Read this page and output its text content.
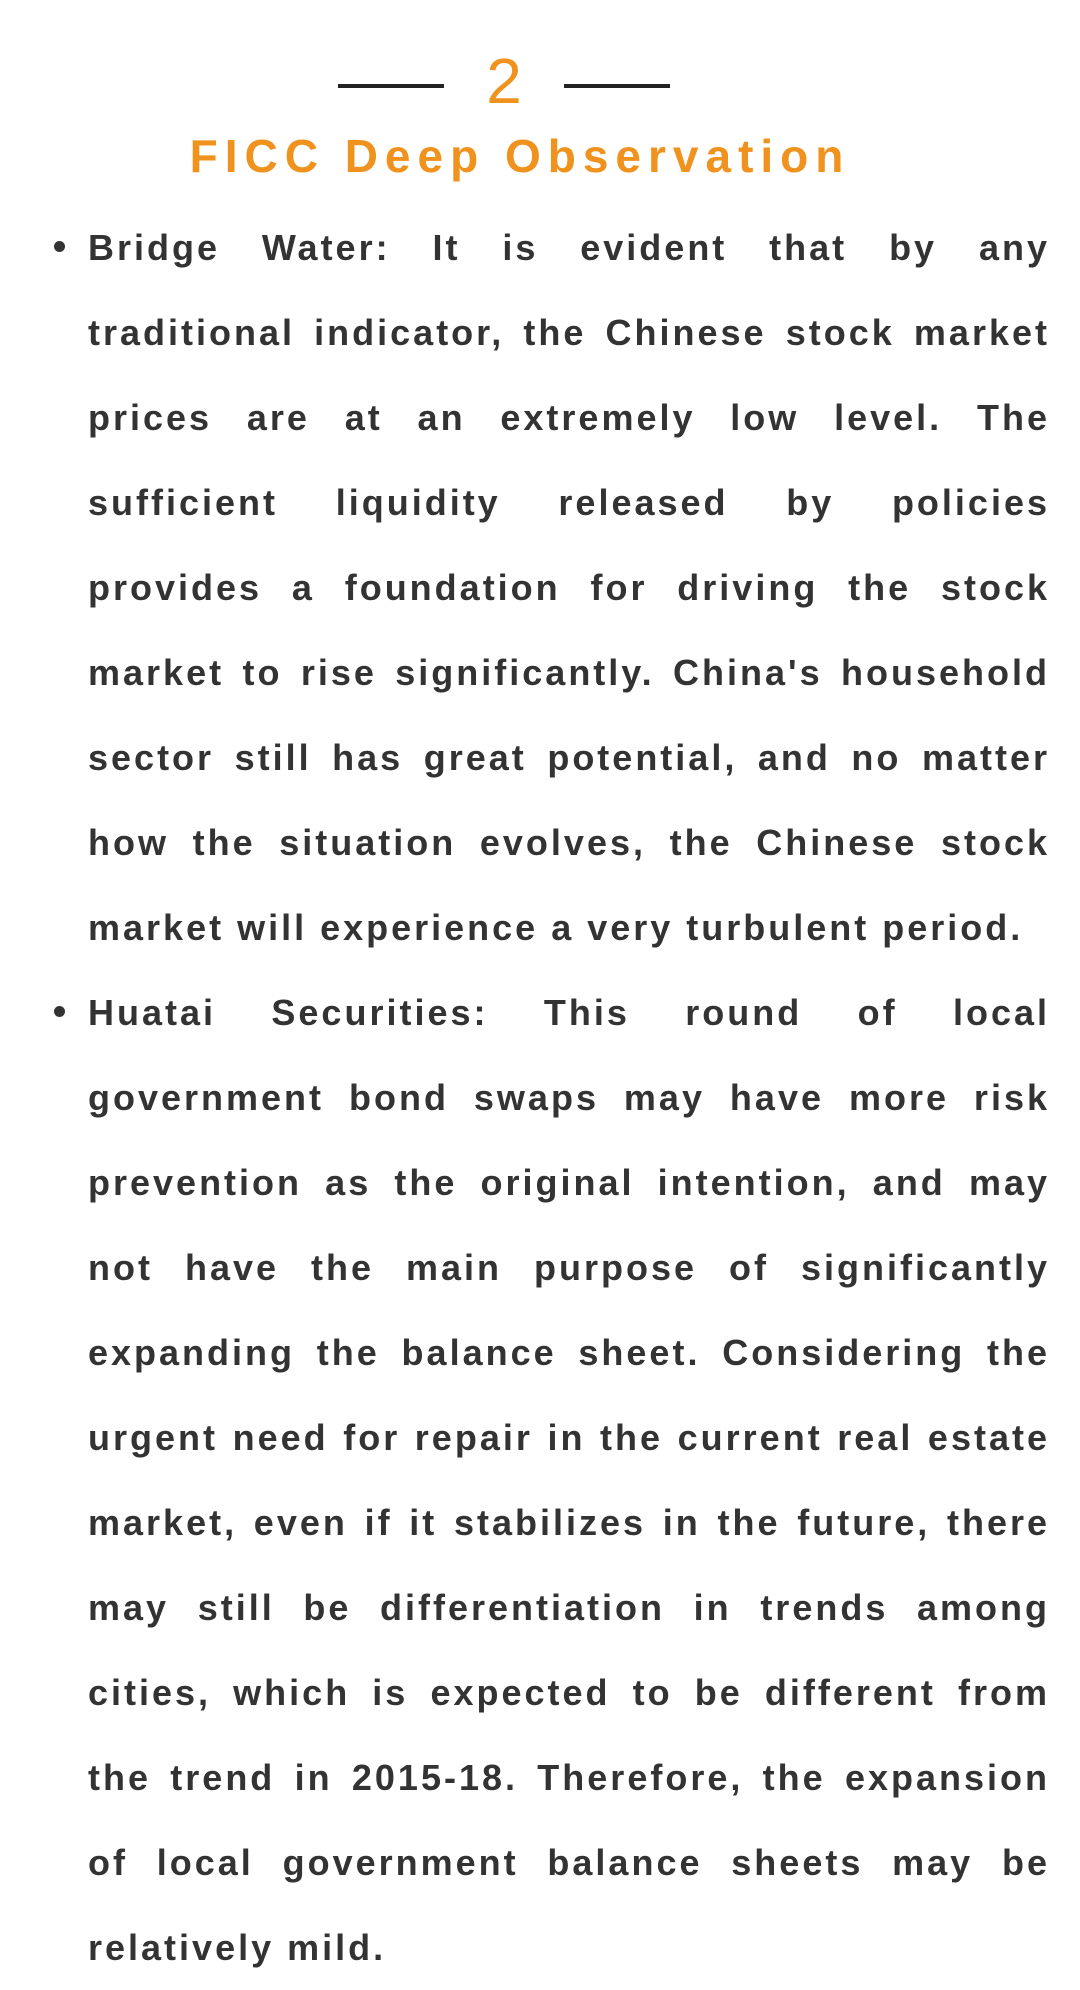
2
FICC Deep Observation
Bridge Water: It is evident that by any traditional indicator, the Chinese stock market prices are at an extremely low level. The sufficient liquidity released by policies provides a foundation for driving the stock market to rise significantly. China's household sector still has great potential, and no matter how the situation evolves, the Chinese stock market will experience a very turbulent period.
Huatai Securities: This round of local government bond swaps may have more risk prevention as the original intention, and may not have the main purpose of significantly expanding the balance sheet. Considering the urgent need for repair in the current real estate market, even if it stabilizes in the future, there may still be differentiation in trends among cities, which is expected to be different from the trend in 2015-18. Therefore, the expansion of local government balance sheets may be relatively mild.
